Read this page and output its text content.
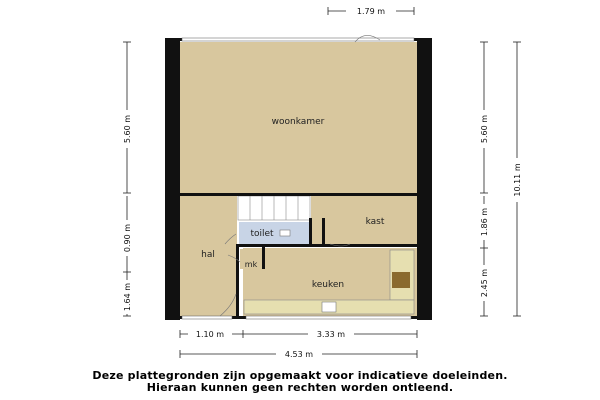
woonkamer
kast
toilet
mk
hal
keuken
1.79 m
5.60 m
0.90 m
1.64 m
5.60 m
1.86 m
2.45 m
10.11 m
1.10 m	3.33 m
4.53 m
Deze plattegronden zijn opgemaakt voor indicatieve doeleinden.
Hieraan kunnen geen rechten worden ontleend.
